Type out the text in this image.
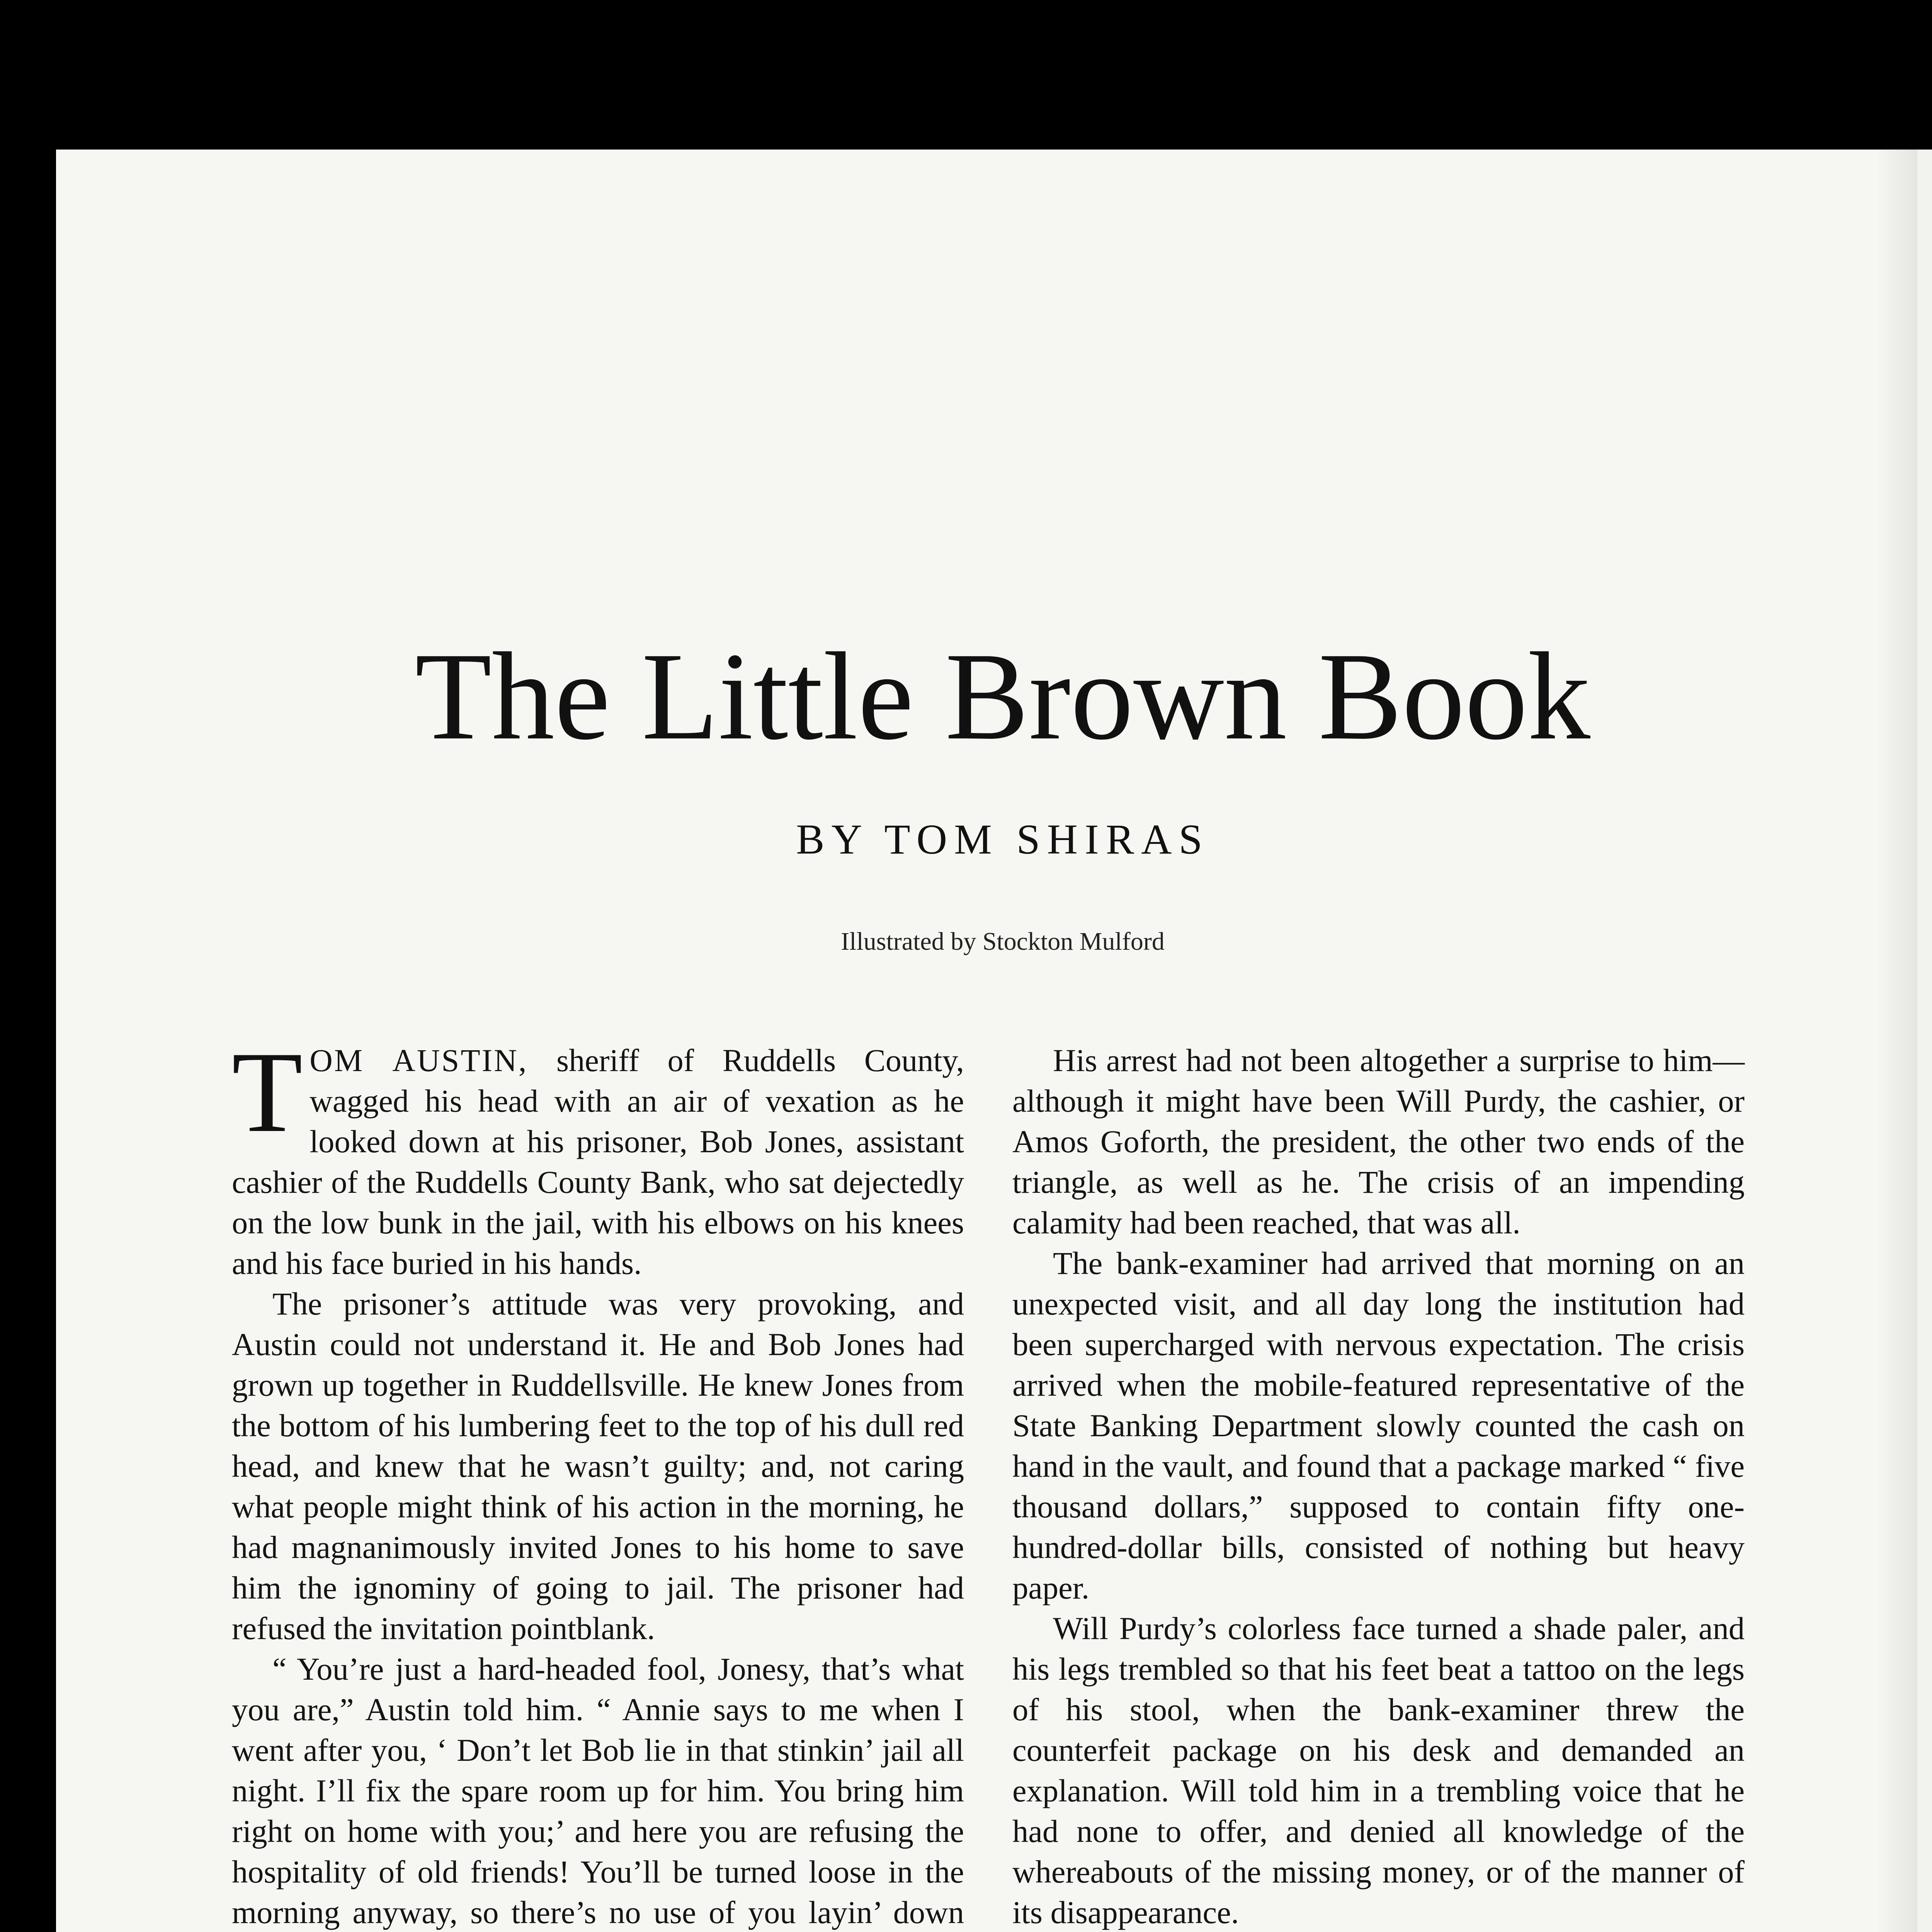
The Little Brown Book
BY TOM SHIRAS
Illustrated by Stockton Mulford

TOM AUSTIN, sheriff of Ruddells County, wagged his head with an air of vexation as he looked down at his prisoner, Bob Jones, assistant cashier of the Ruddells County Bank, who sat dejectedly on the low bunk in the jail, with his elbows on his knees and his face buried in his hands.

The prisoner’s attitude was very provoking, and Austin could not understand it. He and Bob Jones had grown up together in Ruddellsville. He knew Jones from the bottom of his lumbering feet to the top of his dull red head, and knew that he wasn’t guilty; and, not caring what people might think of his action in the morning, he had magnanimously invited Jones to his home to save him the ignominy of going to jail. The prisoner had refused the invitation pointblank.

“ You’re just a hard-headed fool, Jonesy, that’s what you are,” Austin told him. “ Annie says to me when I went after you, ‘ Don’t let Bob lie in that stinkin’ jail all night. I’ll fix the spare room up for him. You bring him right on home with you;’ and here you are refusing the hospitality of old friends! You’ll be turned loose in the morning anyway, so there’s no use of you layin’ down

His arrest had not been altogether a surprise to him—although it might have been Will Purdy, the cashier, or Amos Goforth, the president, the other two ends of the triangle, as well as he. The crisis of an impending calamity had been reached, that was all.

The bank-examiner had arrived that morning on an unexpected visit, and all day long the institution had been supercharged with nervous expectation. The crisis arrived when the mobile-featured representative of the State Banking Department slowly counted the cash on hand in the vault, and found that a package marked “ five thousand dollars,” supposed to contain fifty one-hundred-dollar bills, consisted of nothing but heavy paper.

Will Purdy’s colorless face turned a shade paler, and his legs trembled so that his feet beat a tattoo on the legs of his stool, when the bank-examiner threw the counterfeit package on his desk and demanded an explanation. Will told him in a trembling voice that he had none to offer, and denied all knowledge of the whereabouts of the missing money, or of the manner of its disappearance.
